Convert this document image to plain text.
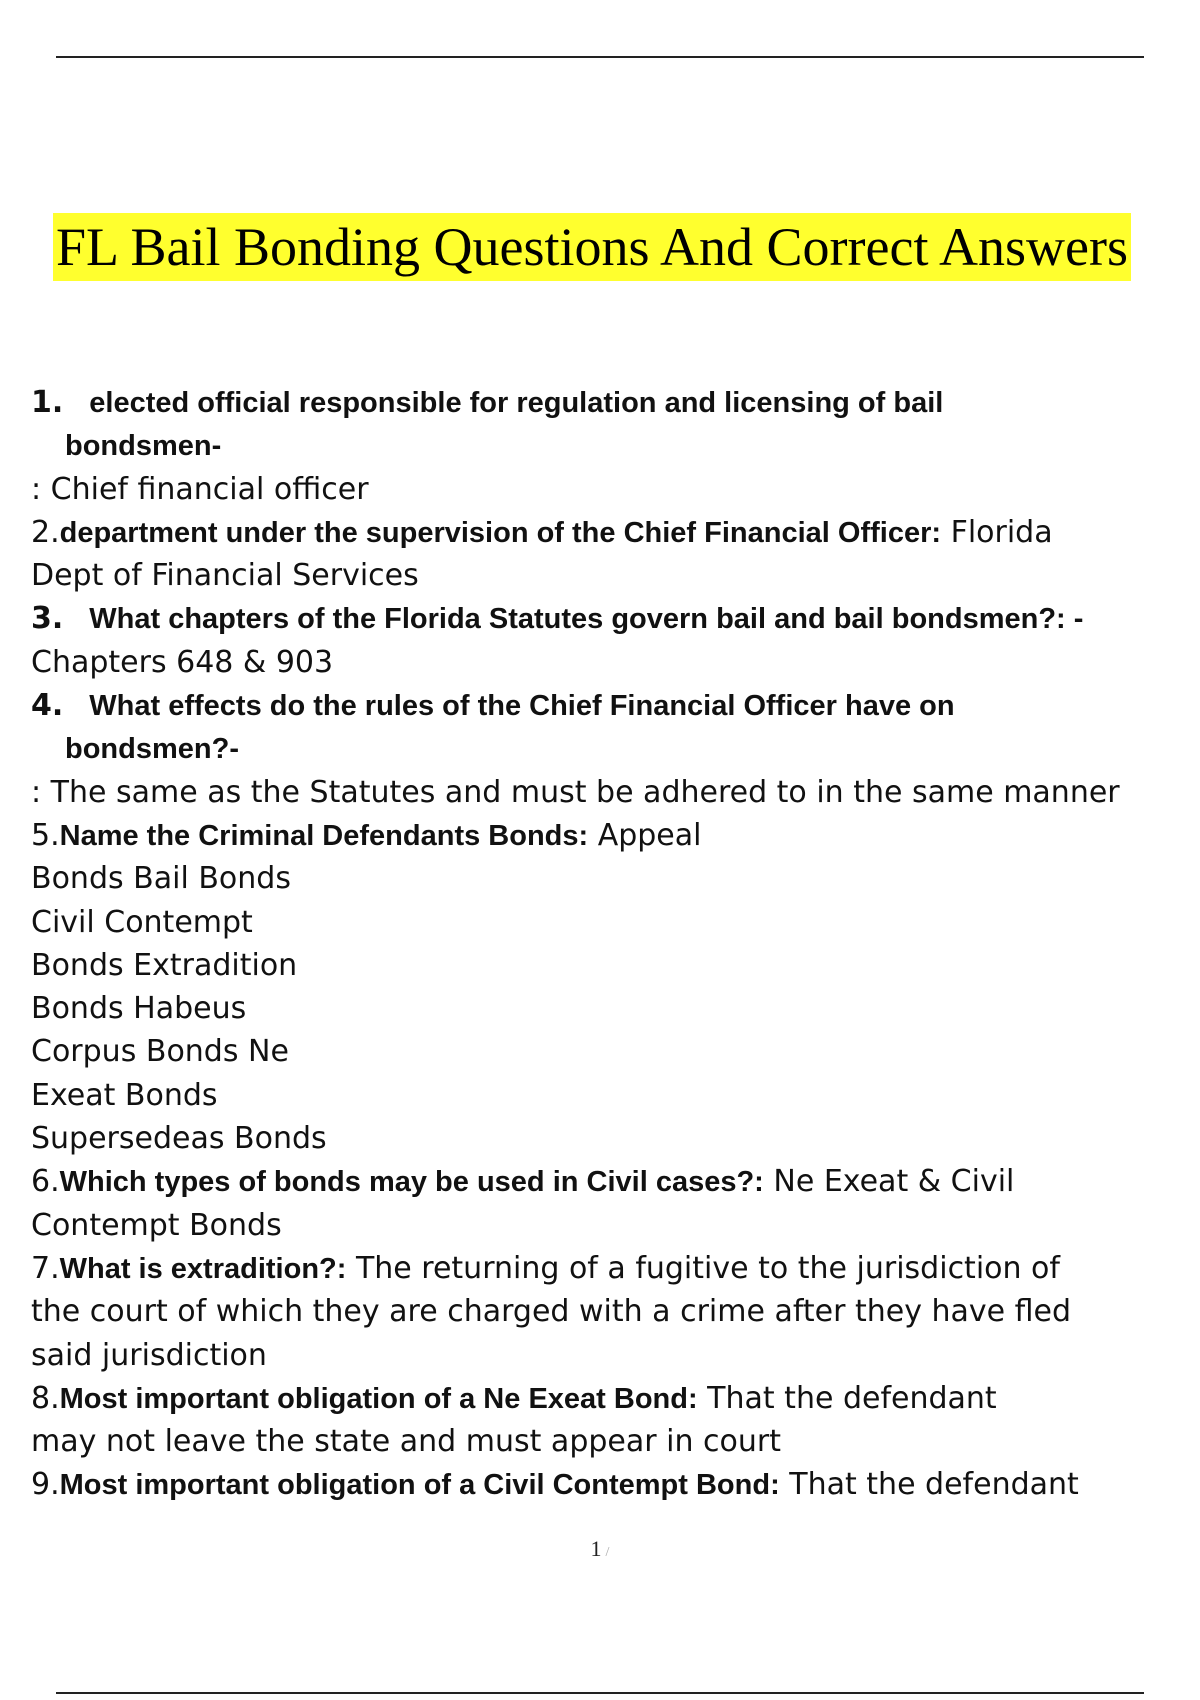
FL Bail Bonding Questions And Correct Answers
1. elected official responsible for regulation and licensing of bail
bondsmen-
: Chief financial officer
2.department under the supervision of the Chief Financial Officer: Florida
Dept of Financial Services
3. What chapters of the Florida Statutes govern bail and bail bondsmen?: -
Chapters 648 & 903
4. What effects do the rules of the Chief Financial Officer have on
bondsmen?-
: The same as the Statutes and must be adhered to in the same manner
5.Name the Criminal Defendants Bonds: Appeal
Bonds Bail Bonds
Civil Contempt
Bonds Extradition
Bonds Habeus
Corpus Bonds Ne
Exeat Bonds
Supersedeas Bonds
6.Which types of bonds may be used in Civil cases?: Ne Exeat & Civil
Contempt Bonds
7.What is extradition?: The returning of a fugitive to the jurisdiction of
the court of which they are charged with a crime after they have fled
said jurisdiction
8.Most important obligation of a Ne Exeat Bond: That the defendant
may not leave the state and must appear in court
9.Most important obligation of a Civil Contempt Bond: That the defendant
1 /
